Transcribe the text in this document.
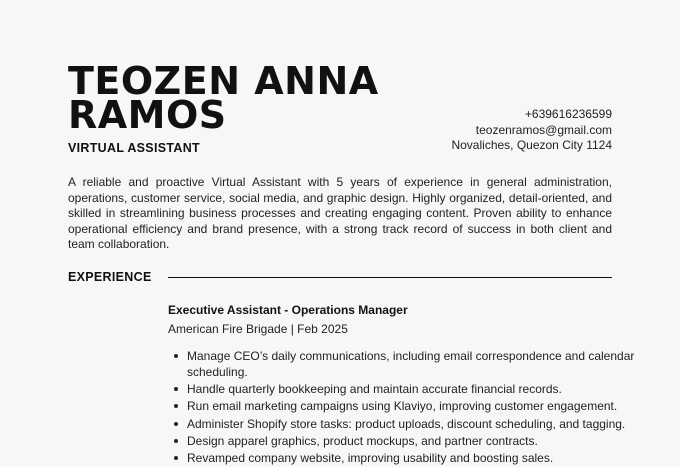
TEOZEN ANNA
RAMOS
VIRTUAL ASSISTANT
+639616236599
teozenramos@gmail.com
Novaliches, Quezon City 1124

A reliable and proactive Virtual Assistant with 5 years of experience in general administration, operations, customer service, social media, and graphic design. Highly organized, detail-oriented, and skilled in streamlining business processes and creating engaging content. Proven ability to enhance operational efficiency and brand presence, with a strong track record of success in both client and team collaboration.

EXPERIENCE
Executive Assistant - Operations Manager
American Fire Brigade | Feb 2025
Manage CEO’s daily communications, including email correspondence and calendar scheduling.
Handle quarterly bookkeeping and maintain accurate financial records.
Run email marketing campaigns using Klaviyo, improving customer engagement.
Administer Shopify store tasks: product uploads, discount scheduling, and tagging.
Design apparel graphics, product mockups, and partner contracts.
Revamped company website, improving usability and boosting sales.
